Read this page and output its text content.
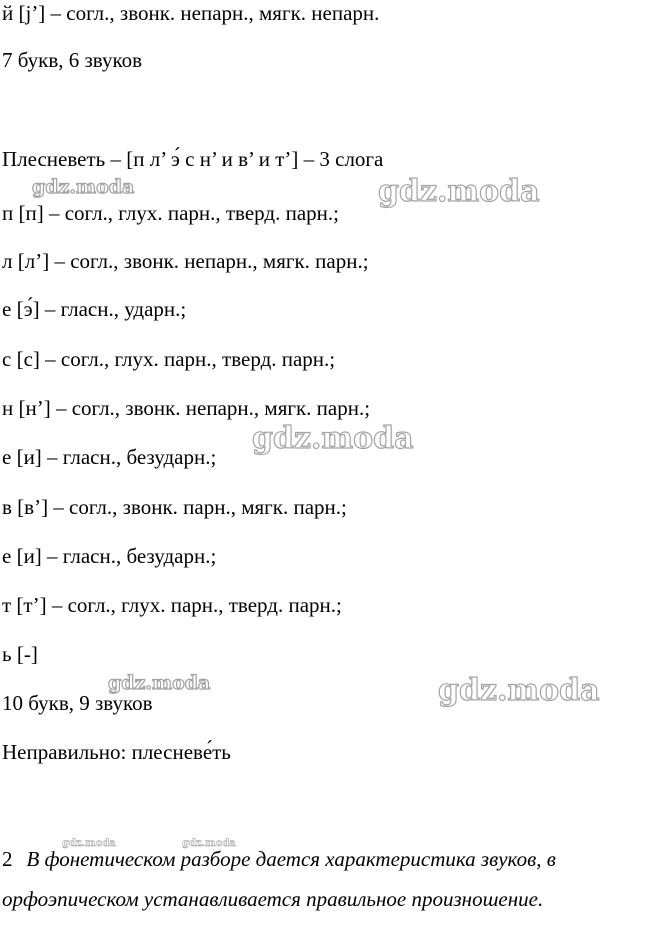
й [j’] – согл., звонк. непарн., мягк. непарн.
7 букв, 6 звуков
Плесневеть – [п л’ э́ с н’ и в’ и т’] – 3 слога
п [п] – согл., глух. парн., тверд. парн.;
л [л’] – согл., звонк. непарн., мягк. парн.;
е [э́] – гласн., ударн.;
с [с] – согл., глух. парн., тверд. парн.;
н [н’] – согл., звонк. непарн., мягк. парн.;
е [и] – гласн., безударн.;
в [в’] – согл., звонк. парн., мягк. парн.;
е [и] – гласн., безударн.;
т [т’] – согл., глух. парн., тверд. парн.;
ь [-]
10 букв, 9 звуков
Неправильно: плесневе́ть
2 В фонетическом разборе дается характеристика звуков, в
орфоэпическом устанавливается правильное произношение.
gdz.moda	gdz.moda
gdz.moda
gdz.moda	gdz.moda
gdz.moda	gdz.moda
